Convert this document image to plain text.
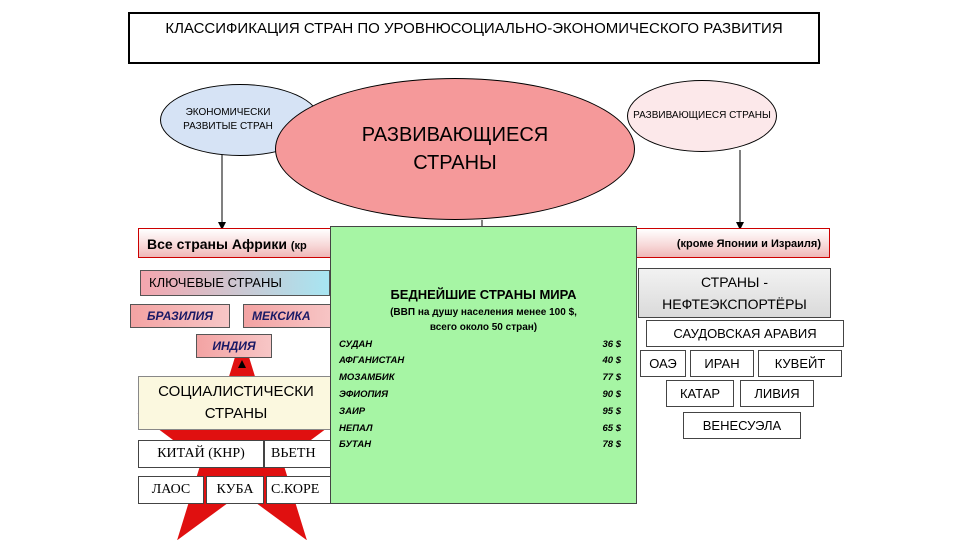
КЛАССИФИКАЦИЯ СТРАН ПО УРОВНЮСОЦИАЛЬНО-ЭКОНОМИЧЕСКОГО РАЗВИТИЯ
ЭКОНОМИЧЕСКИ РАЗВИТЫЕ СТРАН
РАЗВИВАЮЩИЕСЯ СТРАНЫ
Все страны Африки (кр	(кроме Японии и Израиля)
РАЗВИВАЮЩИЕСЯ СТРАНЫ
КЛЮЧЕВЫЕ СТРАНЫ
БРАЗИЛИЯ	МЕКСИКА
ИНДИЯ
СОЦИАЛИСТИЧЕСКИ СТРАНЫ
КИТАЙ (КНР)	ВЬЕТН
ЛАОС	КУБА	С.КОРЕ
БЕДНЕЙШИЕ СТРАНЫ МИРА
(ВВП на душу населения менее 100 $,
всего около 50 стран)
СУДАН	36 $
АФГАНИСТАН	40 $
МОЗАМБИК	77 $
ЭФИОПИЯ	90 $
ЗАИР	95 $
НЕПАЛ	65 $
БУТАН	78 $
СТРАНЫ - НЕФТЕЭКСПОРТЁРЫ
САУДОВСКАЯ АРАВИЯ
ОАЭ	ИРАН	КУВЕЙТ
КАТАР	ЛИВИЯ
ВЕНЕСУЭЛА
